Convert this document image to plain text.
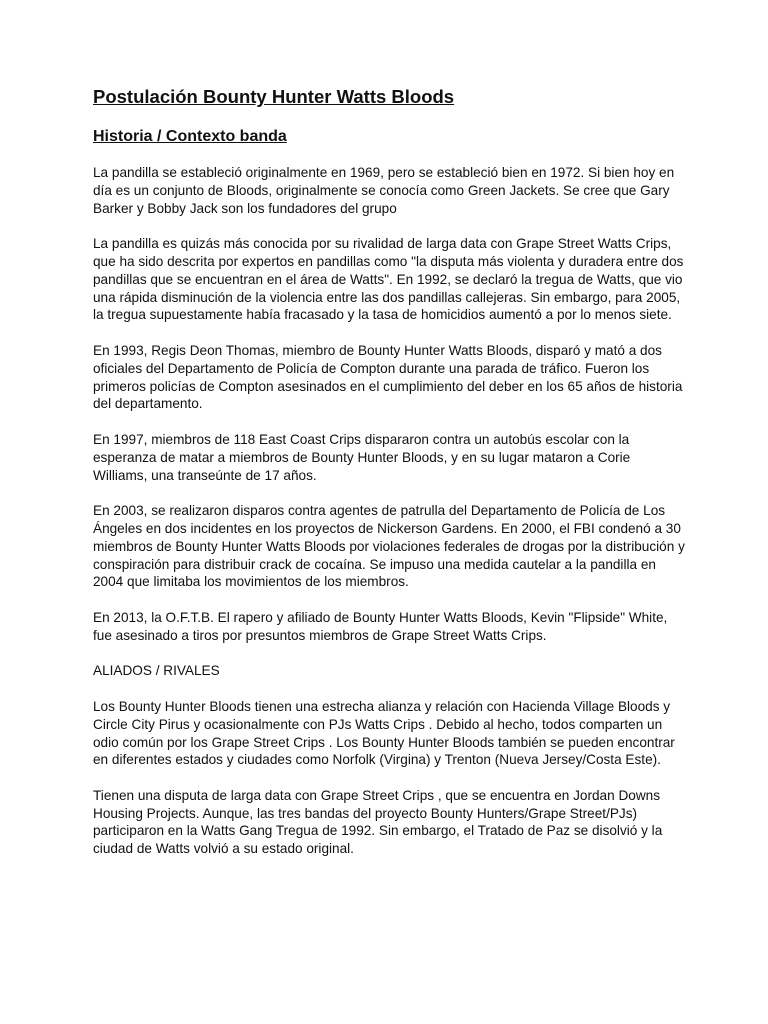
Postulación Bounty Hunter Watts Bloods
Historia / Contexto banda

La pandilla se estableció originalmente en 1969, pero se estableció bien en 1972. Si bien hoy en día es un conjunto de Bloods, originalmente se conocía como Green Jackets. Se cree que Gary Barker y Bobby Jack son los fundadores del grupo

La pandilla es quizás más conocida por su rivalidad de larga data con Grape Street Watts Crips, que ha sido descrita por expertos en pandillas como "la disputa más violenta y duradera entre dos pandillas que se encuentran en el área de Watts". En 1992, se declaró la tregua de Watts, que vio una rápida disminución de la violencia entre las dos pandillas callejeras. Sin embargo, para 2005, la tregua supuestamente había fracasado y la tasa de homicidios aumentó a por lo menos siete.

En 1993, Regis Deon Thomas, miembro de Bounty Hunter Watts Bloods, disparó y mató a dos oficiales del Departamento de Policía de Compton durante una parada de tráfico. Fueron los primeros policías de Compton asesinados en el cumplimiento del deber en los 65 años de historia del departamento.

En 1997, miembros de 118 East Coast Crips dispararon contra un autobús escolar con la esperanza de matar a miembros de Bounty Hunter Bloods, y en su lugar mataron a Corie Williams, una transeúnte de 17 años.

En 2003, se realizaron disparos contra agentes de patrulla del Departamento de Policía de Los Ángeles en dos incidentes en los proyectos de Nickerson Gardens. En 2000, el FBI condenó a 30 miembros de Bounty Hunter Watts Bloods por violaciones federales de drogas por la distribución y conspiración para distribuir crack de cocaína. Se impuso una medida cautelar a la pandilla en 2004 que limitaba los movimientos de los miembros.

En 2013, la O.F.T.B. El rapero y afiliado de Bounty Hunter Watts Bloods, Kevin "Flipside" White, fue asesinado a tiros por presuntos miembros de Grape Street Watts Crips.

ALIADOS / RIVALES

Los Bounty Hunter Bloods tienen una estrecha alianza y relación con Hacienda Village Bloods y Circle City Pirus y ocasionalmente con PJs Watts Crips . Debido al hecho, todos comparten un odio común por los Grape Street Crips . Los Bounty Hunter Bloods también se pueden encontrar en diferentes estados y ciudades como Norfolk (Virgina) y Trenton (Nueva Jersey/Costa Este).

Tienen una disputa de larga data con Grape Street Crips , que se encuentra en Jordan Downs Housing Projects. Aunque, las tres bandas del proyecto Bounty Hunters/Grape Street/PJs) participaron en la Watts Gang Tregua de 1992. Sin embargo, el Tratado de Paz se disolvió y la ciudad de Watts volvió a su estado original.
